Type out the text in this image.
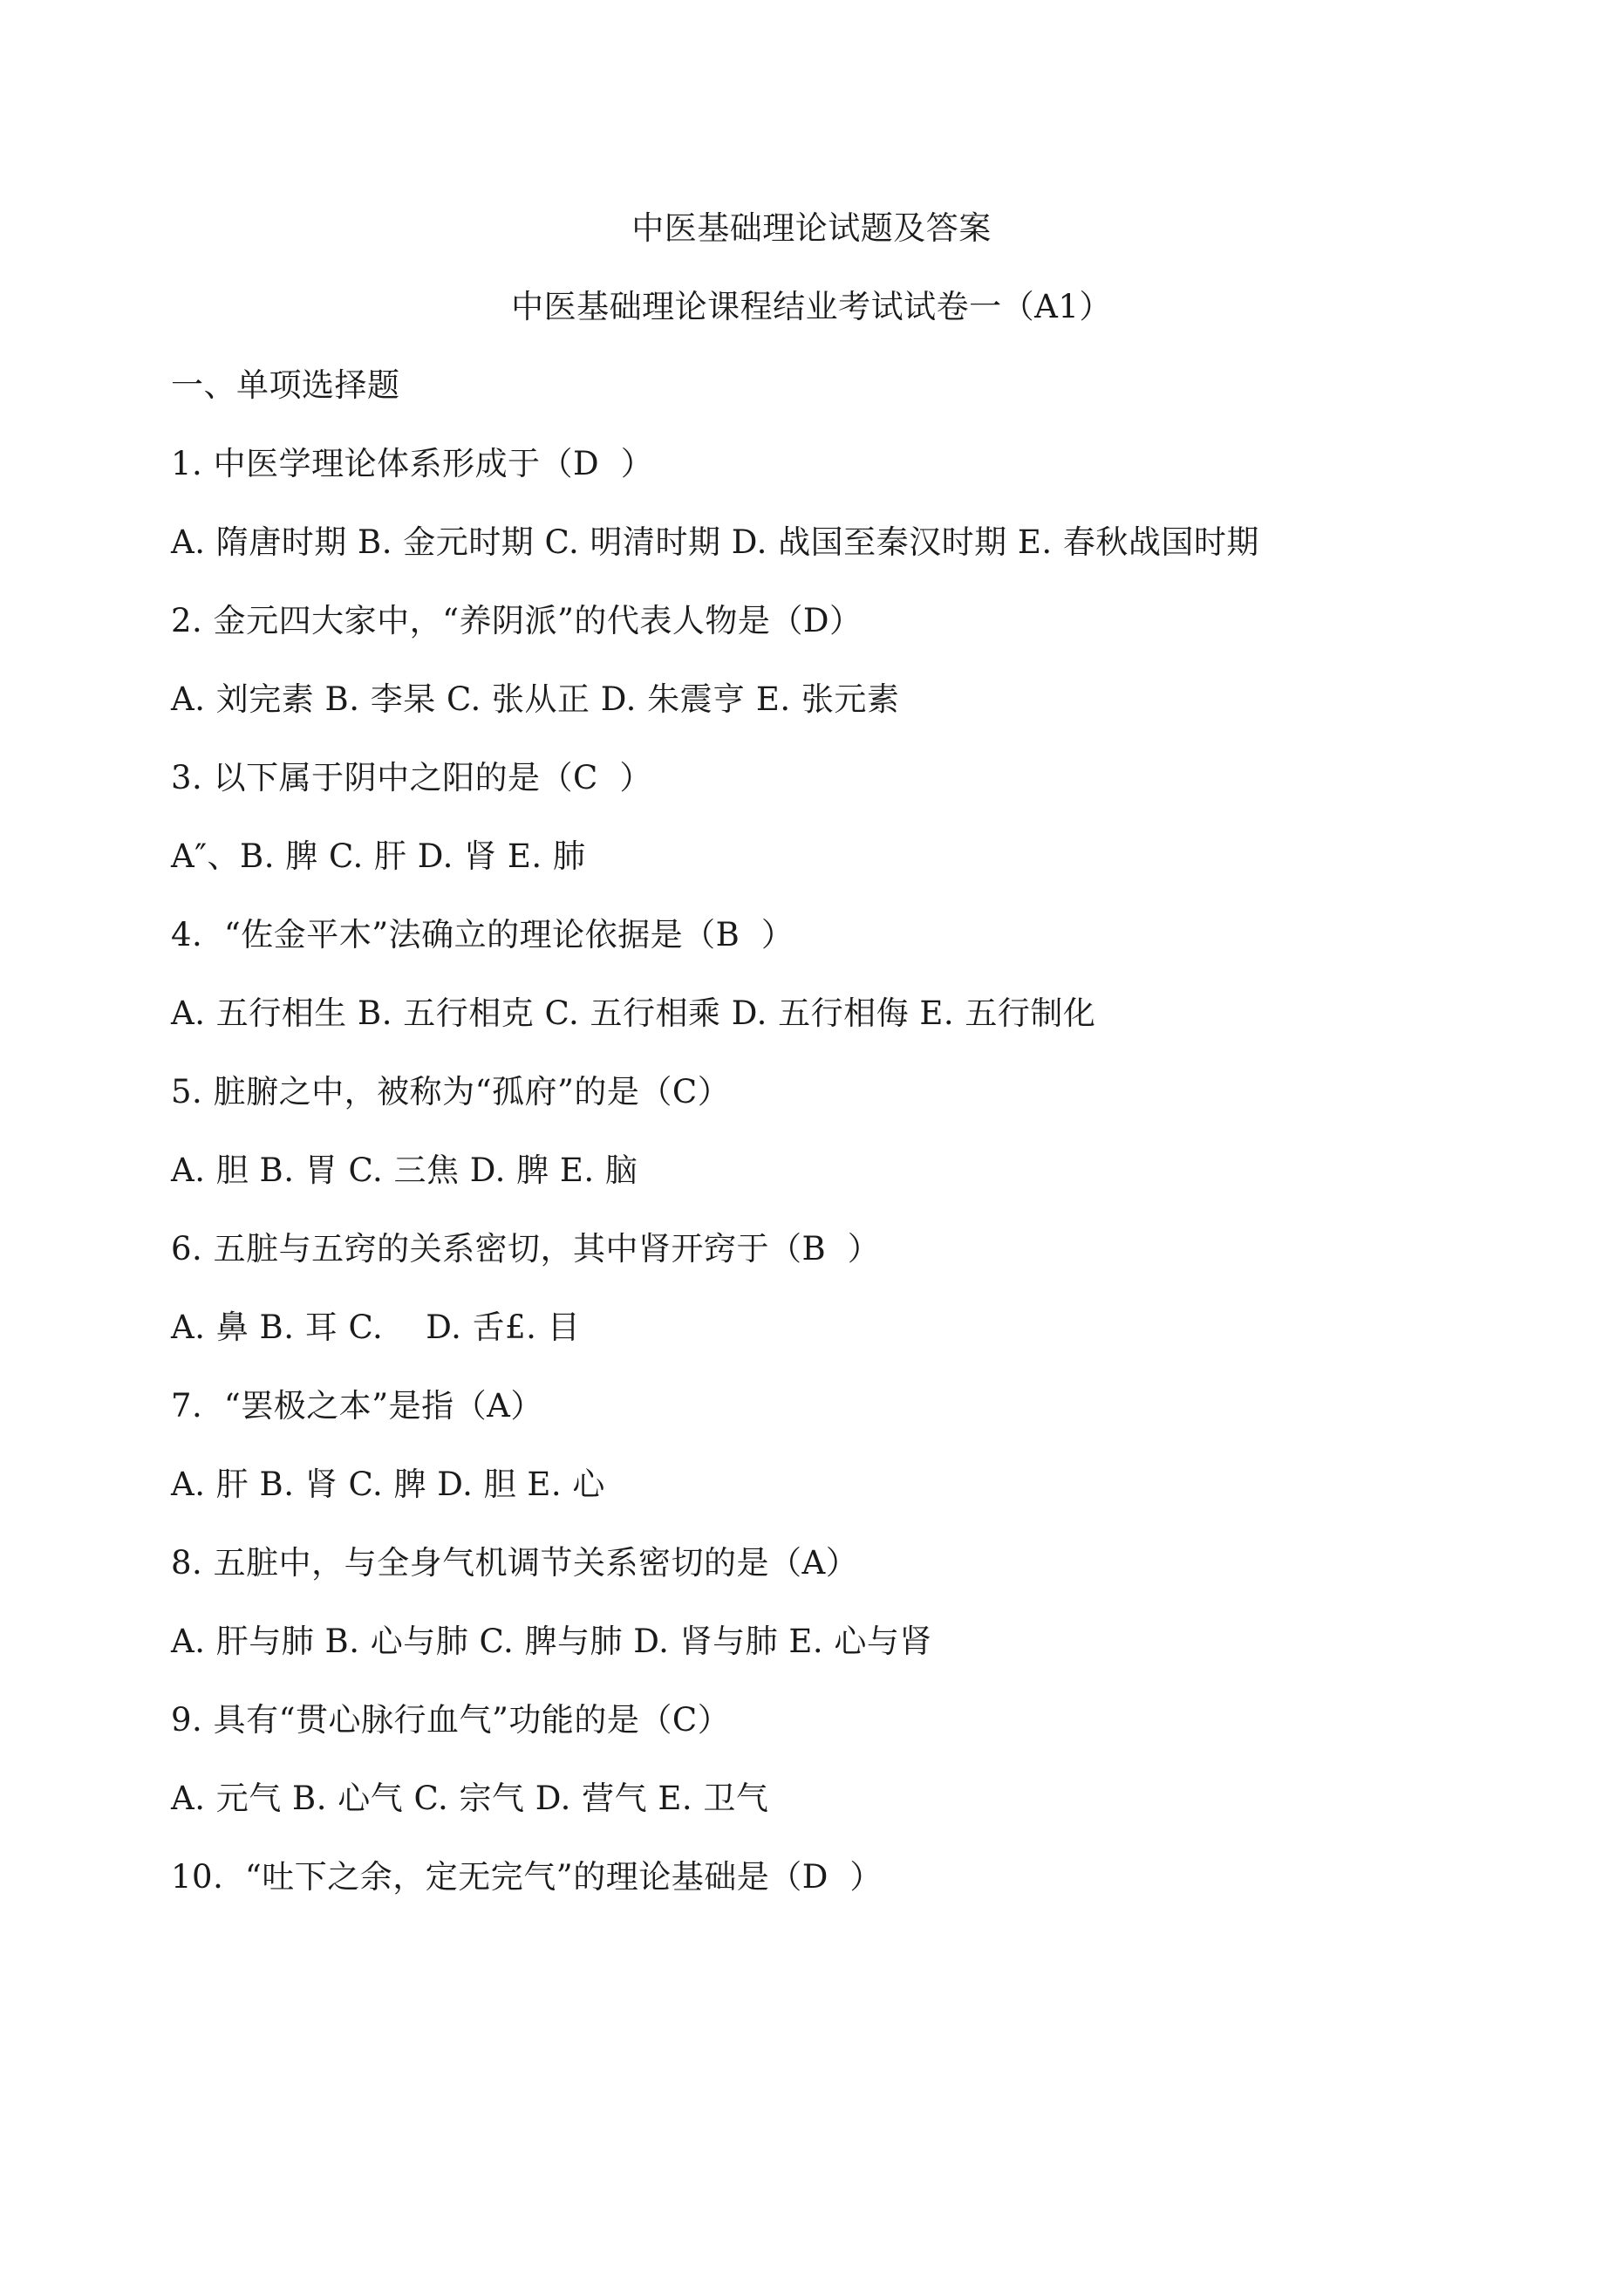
中医基础理论试题及答案
中医基础理论课程结业考试试卷一（A1）
一、单项选择题
1. 中医学理论体系形成于（D  ）
A. 隋唐时期 B. 金元时期 C. 明清时期 D. 战国至秦汉时期 E. 春秋战国时期
2. 金元四大家中，“养阴派”的代表人物是（D）
A. 刘完素 B. 李杲 C. 张从正 D. 朱震亨 E. 张元素
3. 以下属于阴中之阳的是（C  ）
A″、B. 脾 C. 肝 D. 肾 E. 肺
4.  “佐金平木”法确立的理论依据是（B  ）
A. 五行相生 B. 五行相克 C. 五行相乘 D. 五行相侮 E. 五行制化
5. 脏腑之中，被称为“孤府”的是（C）
A. 胆 B. 胃 C. 三焦 D. 脾 E. 脑
6. 五脏与五窍的关系密切，其中肾开窍于（B  ）
A. 鼻 B. 耳 C.    D. 舌£. 目
7.  “罢极之本”是指（A）
A. 肝 B. 肾 C. 脾 D. 胆 E. 心
8. 五脏中，与全身气机调节关系密切的是（A）
A. 肝与肺 B. 心与肺 C. 脾与肺 D. 肾与肺 E. 心与肾
9. 具有“贯心脉行血气”功能的是（C）
A. 元气 B. 心气 C. 宗气 D. 营气 E. 卫气
10.  “吐下之余，定无完气”的理论基础是（D  ）
